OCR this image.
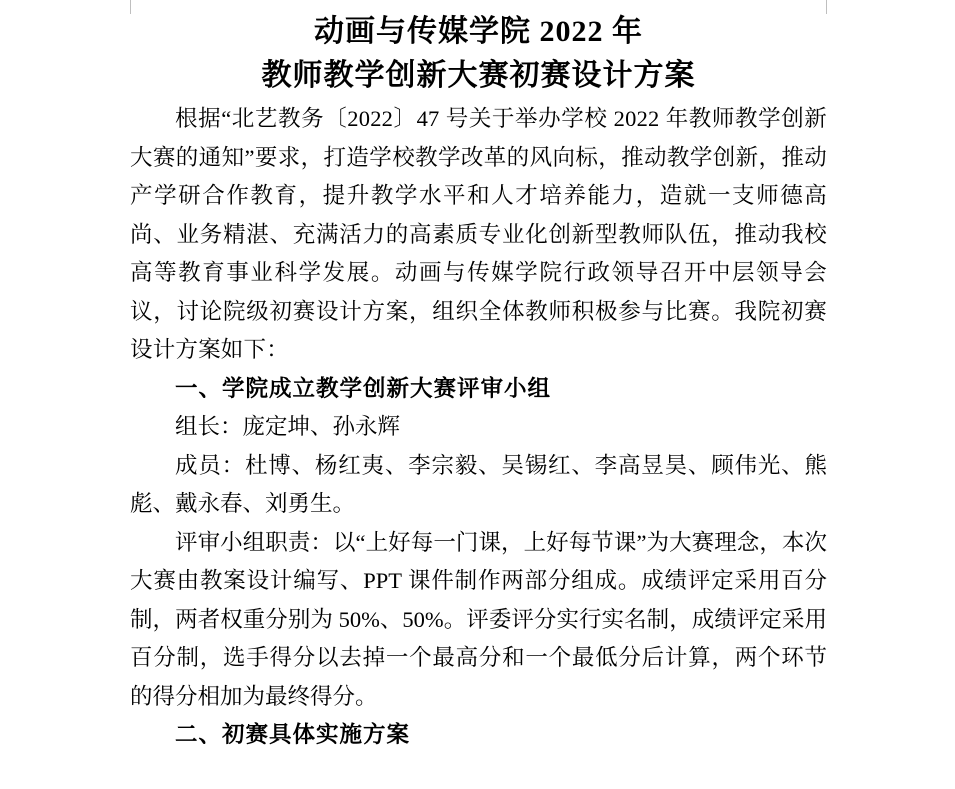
动画与传媒学院 2022 年
教师教学创新大赛初赛设计方案

根据“北艺教务〔2022〕47 号关于举办学校 2022 年教师教学创新大赛的通知”要求，打造学校教学改革的风向标，推动教学创新，推动产学研合作教育，提升教学水平和人才培养能力，造就一支师德高尚、业务精湛、充满活力的高素质专业化创新型教师队伍，推动我校高等教育事业科学发展。动画与传媒学院行政领导召开中层领导会议，讨论院级初赛设计方案，组织全体教师积极参与比赛。我院初赛设计方案如下：

一、学院成立教学创新大赛评审小组

组长：庞定坤、孙永辉

成员：杜博、杨红夷、李宗毅、吴锡红、李高昱昊、顾伟光、熊彪、戴永春、刘勇生。

评审小组职责：以“上好每一门课，上好每节课”为大赛理念，本次大赛由教案设计编写、PPT 课件制作两部分组成。成绩评定采用百分制，两者权重分别为 50%、50%。评委评分实行实名制，成绩评定采用百分制，选手得分以去掉一个最高分和一个最低分后计算，两个环节的得分相加为最终得分。

二、初赛具体实施方案
